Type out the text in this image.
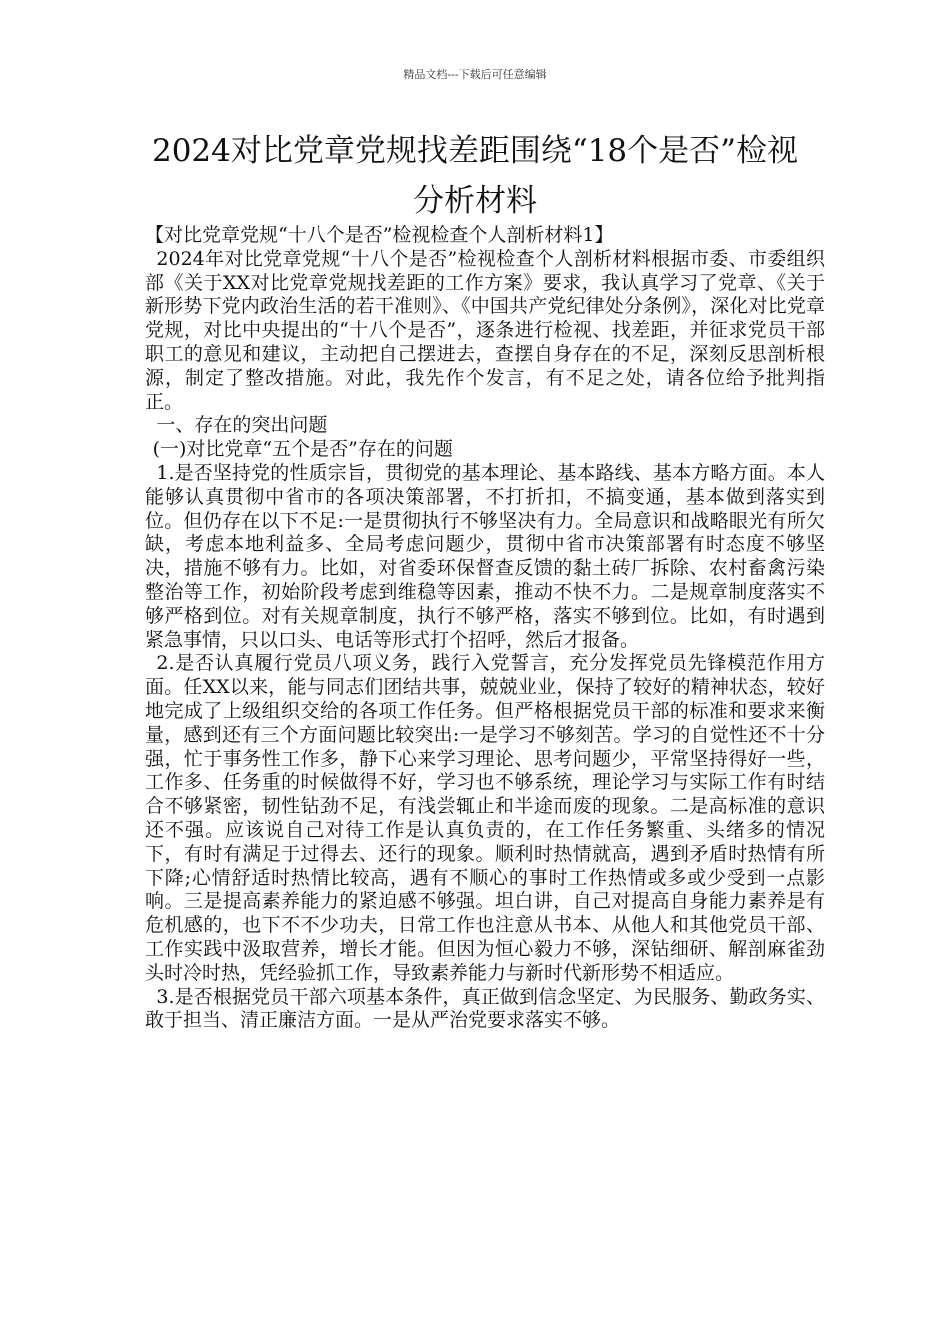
精品文档---下载后可任意编辑
2024对比党章党规找差距围绕“18个是否”检视分析材料

【对比党章党规“十八个是否”检视检查个人剖析材料1】

2024年对比党章党规“十八个是否”检视检查个人剖析材料根据市委、市委组织部《关于XX对比党章党规找差距的工作方案》要求，我认真学习了党章、《关于新形势下党内政治生活的若干准则》、《中国共产党纪律处分条例》，深化对比党章党规，对比中央提出的“十八个是否”，逐条进行检视、找差距，并征求党员干部职工的意见和建议，主动把自己摆进去，查摆自身存在的不足，深刻反思剖析根源，制定了整改措施。对此，我先作个发言，有不足之处，请各位给予批判指正。

一、存在的突出问题

(一)对比党章“五个是否”存在的问题

1.是否坚持党的性质宗旨，贯彻党的基本理论、基本路线、基本方略方面。本人能够认真贯彻中省市的各项决策部署，不打折扣，不搞变通，基本做到落实到位。但仍存在以下不足:一是贯彻执行不够坚决有力。全局意识和战略眼光有所欠缺，考虑本地利益多、全局考虑问题少，贯彻中省市决策部署有时态度不够坚决，措施不够有力。比如，对省委环保督查反馈的黏土砖厂拆除、农村畜禽污染整治等工作，初始阶段考虑到维稳等因素，推动不快不力。二是规章制度落实不够严格到位。对有关规章制度，执行不够严格，落实不够到位。比如，有时遇到紧急事情，只以口头、电话等形式打个招呼，然后才报备。

2.是否认真履行党员八项义务，践行入党誓言，充分发挥党员先锋模范作用方面。任XX以来，能与同志们团结共事，兢兢业业，保持了较好的精神状态，较好地完成了上级组织交给的各项工作任务。但严格根据党员干部的标准和要求来衡量，感到还有三个方面问题比较突出:一是学习不够刻苦。学习的自觉性还不十分强，忙于事务性工作多，静下心来学习理论、思考问题少，平常坚持得好一些，工作多、任务重的时候做得不好，学习也不够系统，理论学习与实际工作有时结合不够紧密，韧性钻劲不足，有浅尝辄止和半途而废的现象。二是高标准的意识还不强。应该说自己对待工作是认真负责的，在工作任务繁重、头绪多的情况下，有时有满足于过得去、还行的现象。顺利时热情就高，遇到矛盾时热情有所下降;心情舒适时热情比较高，遇有不顺心的事时工作热情或多或少受到一点影响。三是提高素养能力的紧迫感不够强。坦白讲，自己对提高自身能力素养是有危机感的，也下不不少功夫，日常工作也注意从书本、从他人和其他党员干部、工作实践中汲取营养，增长才能。但因为恒心毅力不够，深钻细研、解剖麻雀劲头时冷时热，凭经验抓工作，导致素养能力与新时代新形势不相适应。

3.是否根据党员干部六项基本条件，真正做到信念坚定、为民服务、勤政务实、敢于担当、清正廉洁方面。一是从严治党要求落实不够。
